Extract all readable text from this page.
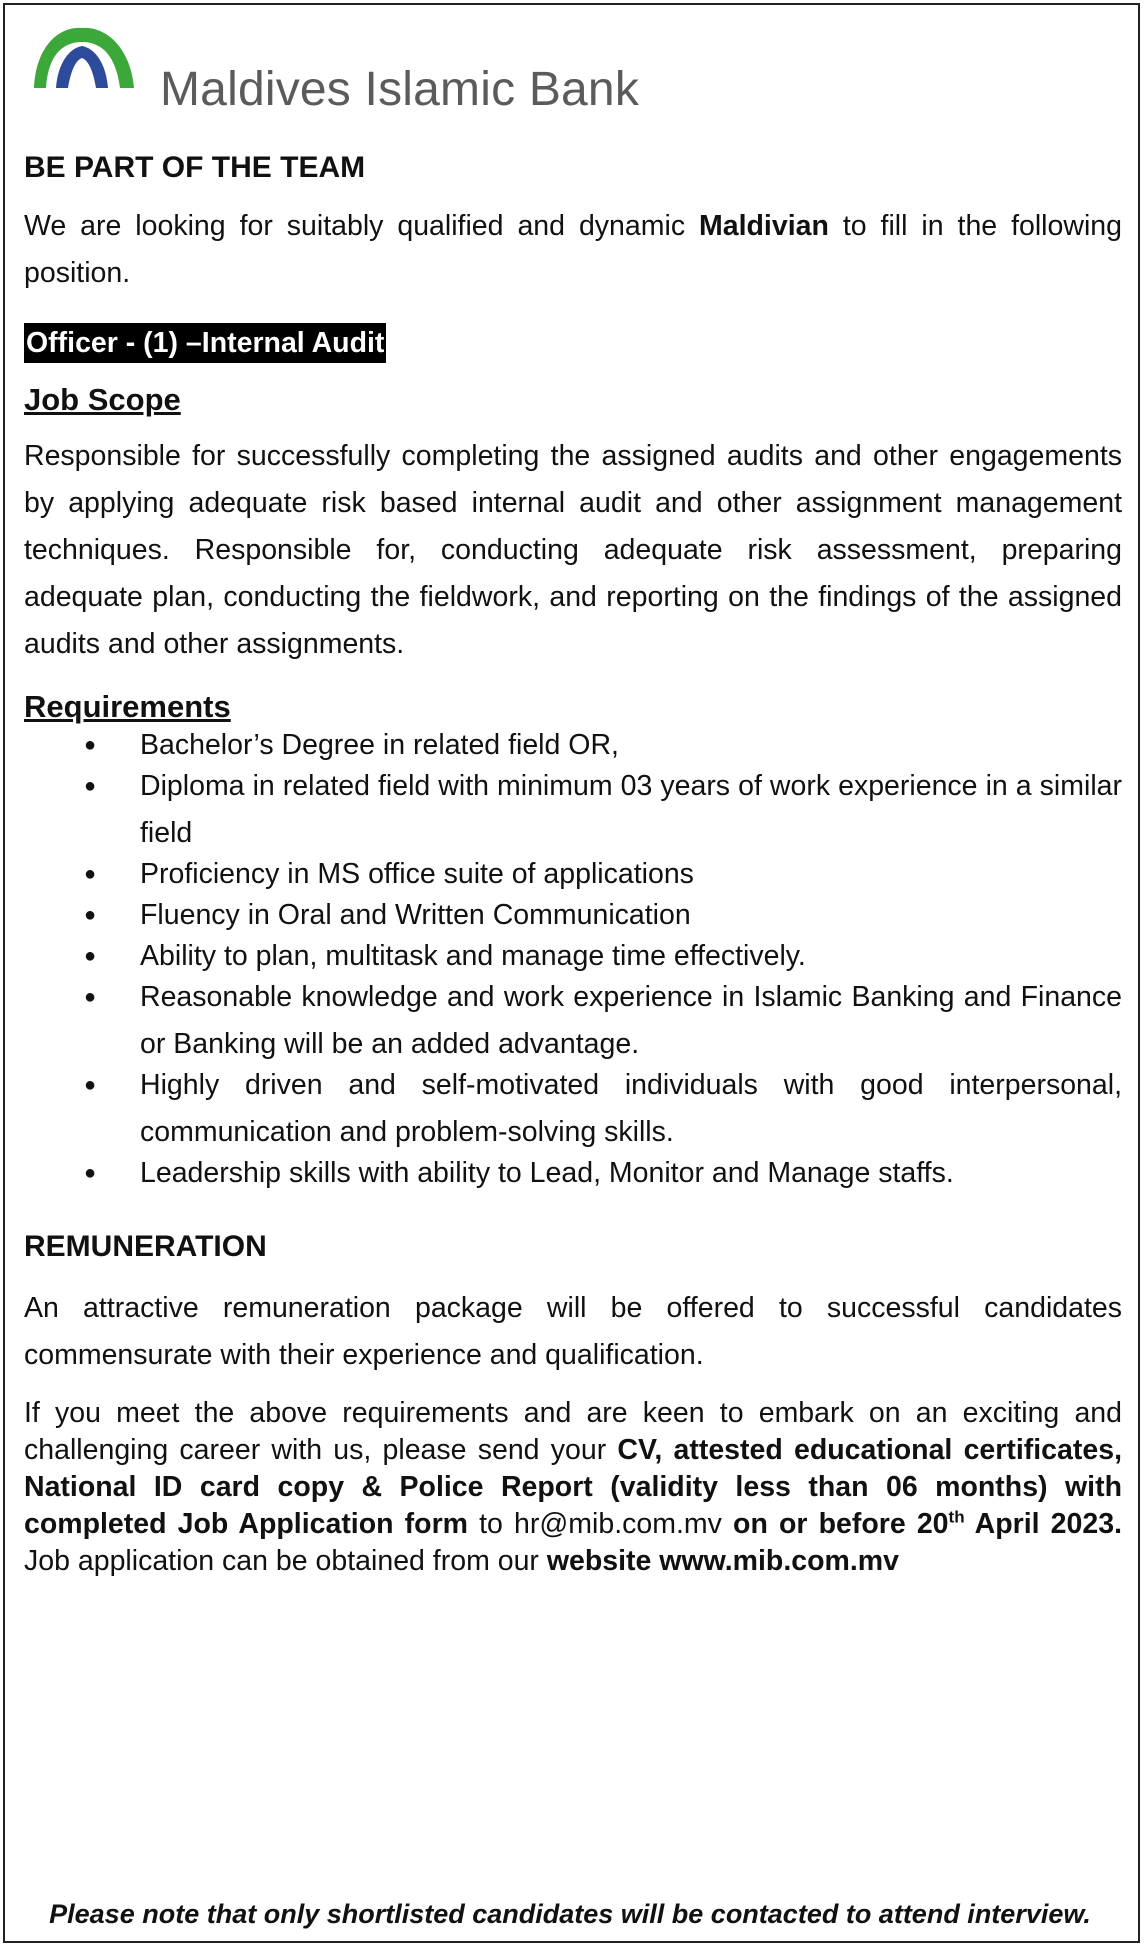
Maldives Islamic Bank
BE PART OF THE TEAM

We are looking for suitably qualified and dynamic Maldivian to fill in the following position.

Officer - (1) –Internal Audit
Job Scope

Responsible for successfully completing the assigned audits and other engagements by applying adequate risk based internal audit and other assignment management techniques. Responsible for, conducting adequate risk assessment, preparing adequate plan, conducting the fieldwork, and reporting on the findings of the assigned audits and other assignments.

Requirements
● Bachelor’s Degree in related field OR,
● Diploma in related field with minimum 03 years of work experience in a similar field
● Proficiency in MS office suite of applications
● Fluency in Oral and Written Communication
● Ability to plan, multitask and manage time effectively.
● Reasonable knowledge and work experience in Islamic Banking and Finance or Banking will be an added advantage.
● Highly driven and self-motivated individuals with good interpersonal, communication and problem-solving skills.
● Leadership skills with ability to Lead, Monitor and Manage staffs.
REMUNERATION

An attractive remuneration package will be offered to successful candidates commensurate with their experience and qualification.

If you meet the above requirements and are keen to embark on an exciting and challenging career with us, please send your CV, attested educational certificates, National ID card copy & Police Report (validity less than 06 months) with completed Job Application form to hr@mib.com.mv on or before 20th April 2023. Job application can be obtained from our website www.mib.com.mv

Please note that only shortlisted candidates will be contacted to attend interview.
